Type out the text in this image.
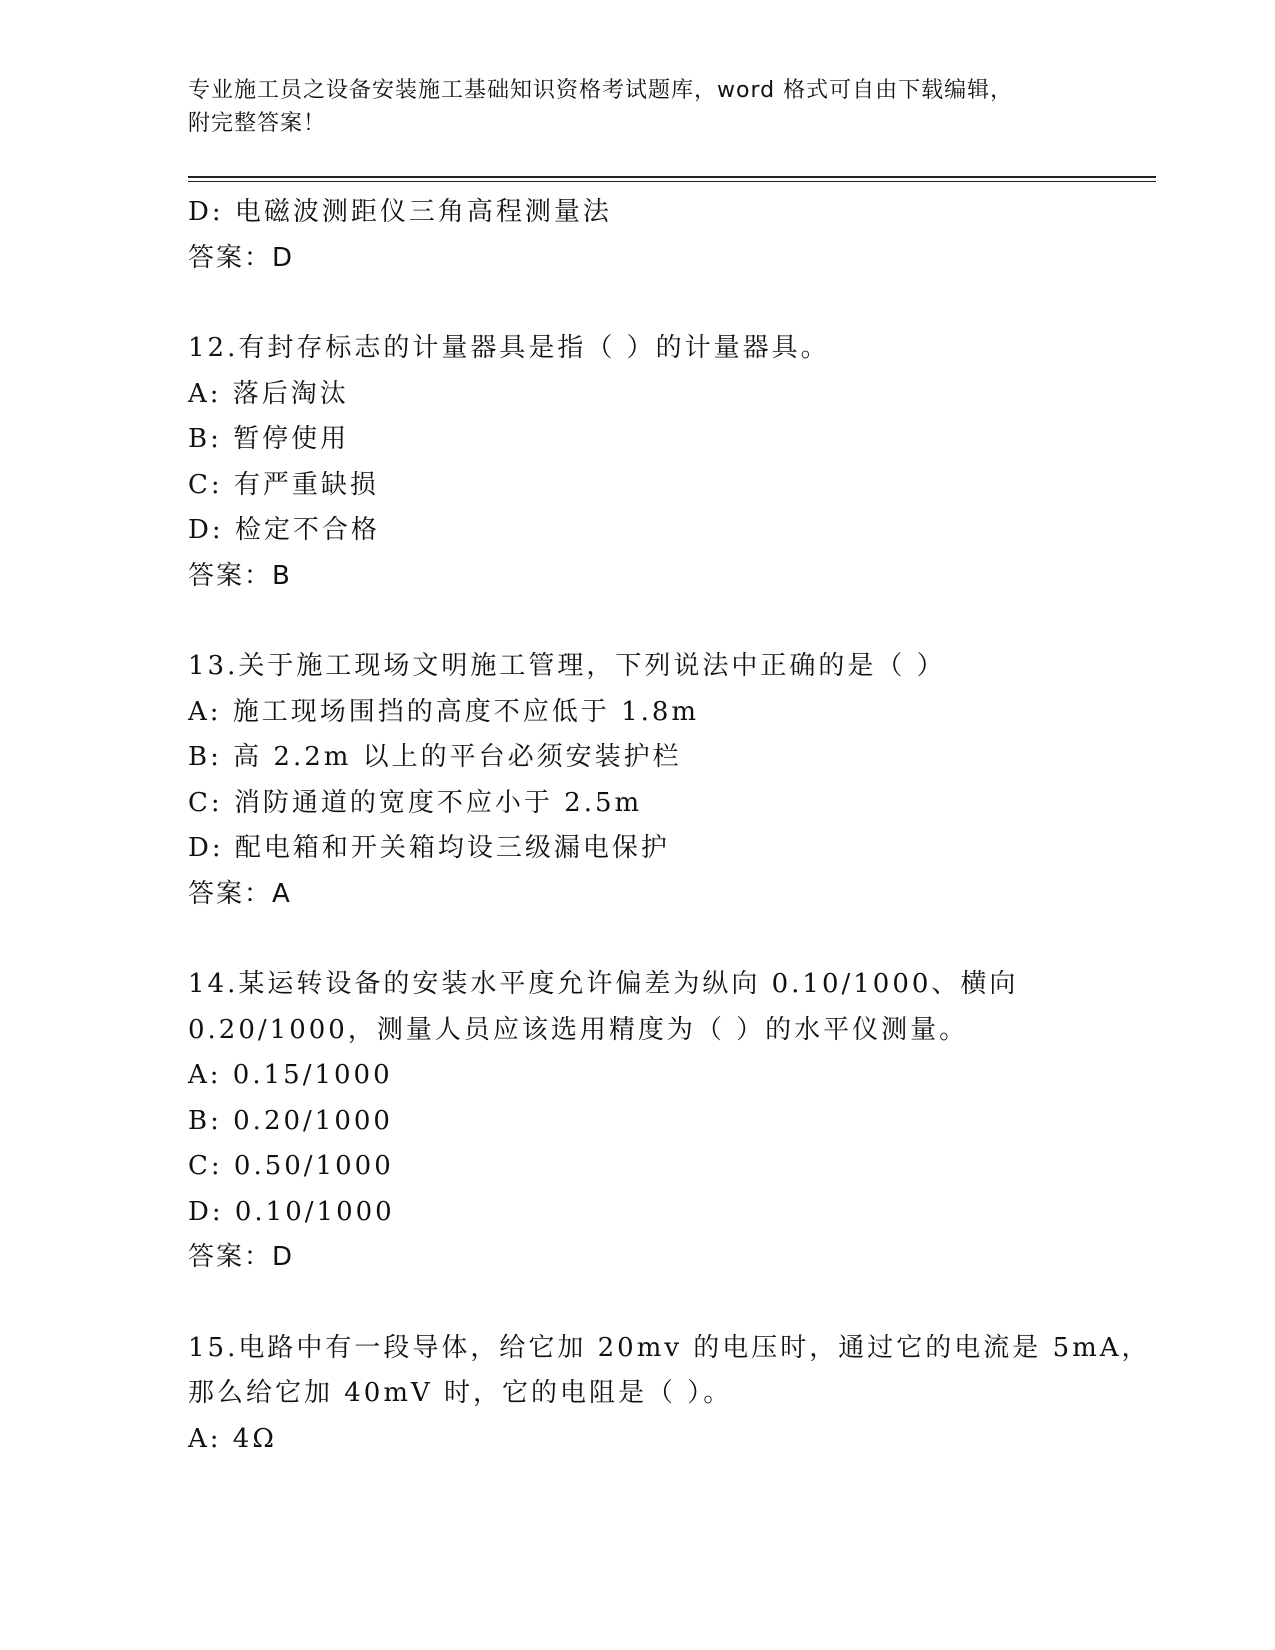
专业施工员之设备安装施工基础知识资格考试题库，word 格式可自由下载编辑，
附完整答案！
D: 电磁波测距仪三角高程测量法
答案：D
12.有封存标志的计量器具是指（ ）的计量器具。
A: 落后淘汰
B: 暂停使用
C: 有严重缺损
D: 检定不合格
答案：B
13.关于施工现场文明施工管理，下列说法中正确的是（ ）
A: 施工现场围挡的高度不应低于 1.8m
B: 高 2.2m 以上的平台必须安装护栏
C: 消防通道的宽度不应小于 2.5m
D: 配电箱和开关箱均设三级漏电保护
答案：A
14.某运转设备的安装水平度允许偏差为纵向 0.10/1000、横向
0.20/1000，测量人员应该选用精度为（ ）的水平仪测量。
A: 0.15/1000
B: 0.20/1000
C: 0.50/1000
D: 0.10/1000
答案：D
15.电路中有一段导体，给它加 20mv 的电压时，通过它的电流是 5mA，
那么给它加 40mV 时，它的电阻是（ ）。
A: 4Ω
